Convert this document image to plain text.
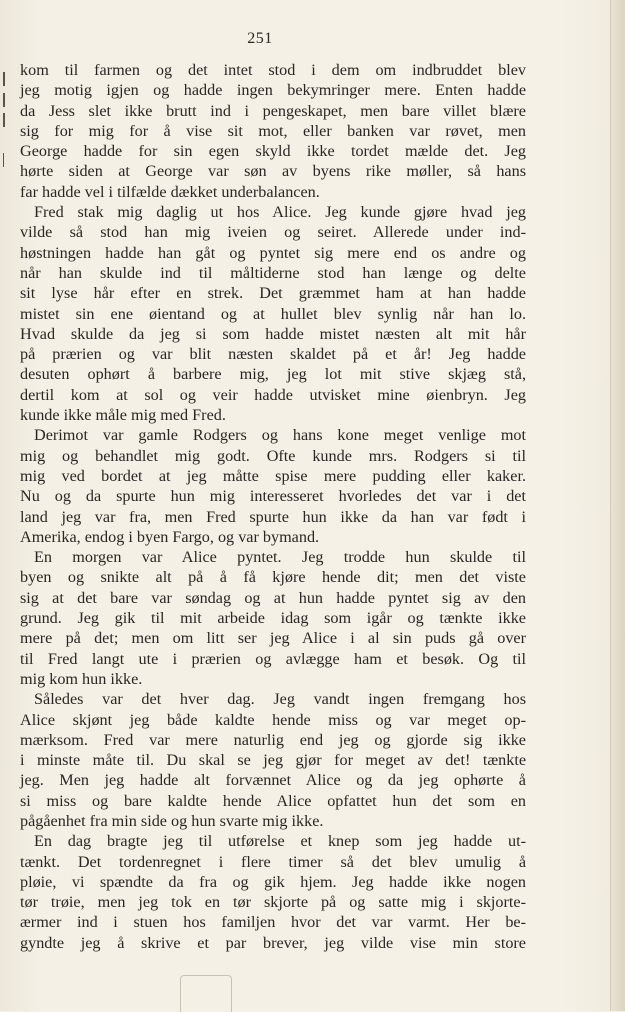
251
kom til farmen og det intet stod i dem om indbruddet blev
jeg motig igjen og hadde ingen bekymringer mere. Enten hadde
da Jess slet ikke brutt ind i pengeskapet, men bare villet blære
sig for mig for å vise sit mot, eller banken var røvet, men
George hadde for sin egen skyld ikke tordet mælde det. Jeg
hørte siden at George var søn av byens rike møller, så hans
far hadde vel i tilfælde dækket underbalancen.
Fred stak mig daglig ut hos Alice. Jeg kunde gjøre hvad jeg
vilde så stod han mig iveien og seiret. Allerede under ind-
høstningen hadde han gåt og pyntet sig mere end os andre og
når han skulde ind til måltiderne stod han længe og delte
sit lyse hår efter en strek. Det græmmet ham at han hadde
mistet sin ene øientand og at hullet blev synlig når han lo.
Hvad skulde da jeg si som hadde mistet næsten alt mit hår
på prærien og var blit næsten skaldet på et år! Jeg hadde
desuten ophørt å barbere mig, jeg lot mit stive skjæg stå,
dertil kom at sol og veir hadde utvisket mine øienbryn. Jeg
kunde ikke måle mig med Fred.
Derimot var gamle Rodgers og hans kone meget venlige mot
mig og behandlet mig godt. Ofte kunde mrs. Rodgers si til
mig ved bordet at jeg måtte spise mere pudding eller kaker.
Nu og da spurte hun mig interesseret hvorledes det var i det
land jeg var fra, men Fred spurte hun ikke da han var født i
Amerika, endog i byen Fargo, og var bymand.
En morgen var Alice pyntet. Jeg trodde hun skulde til
byen og snikte alt på å få kjøre hende dit; men det viste
sig at det bare var søndag og at hun hadde pyntet sig av den
grund. Jeg gik til mit arbeide idag som igår og tænkte ikke
mere på det; men om litt ser jeg Alice i al sin puds gå over
til Fred langt ute i prærien og avlægge ham et besøk. Og til
mig kom hun ikke.
Således var det hver dag. Jeg vandt ingen fremgang hos
Alice skjønt jeg både kaldte hende miss og var meget op-
mærksom. Fred var mere naturlig end jeg og gjorde sig ikke
i minste måte til. Du skal se jeg gjør for meget av det! tænkte
jeg. Men jeg hadde alt forvænnet Alice og da jeg ophørte å
si miss og bare kaldte hende Alice opfattet hun det som en
pågåenhet fra min side og hun svarte mig ikke.
En dag bragte jeg til utførelse et knep som jeg hadde ut-
tænkt. Det tordenregnet i flere timer så det blev umulig å
pløie, vi spændte da fra og gik hjem. Jeg hadde ikke nogen
tør trøie, men jeg tok en tør skjorte på og satte mig i skjorte-
ærmer ind i stuen hos familjen hvor det var varmt. Her be-
gyndte jeg å skrive et par brever, jeg vilde vise min store
